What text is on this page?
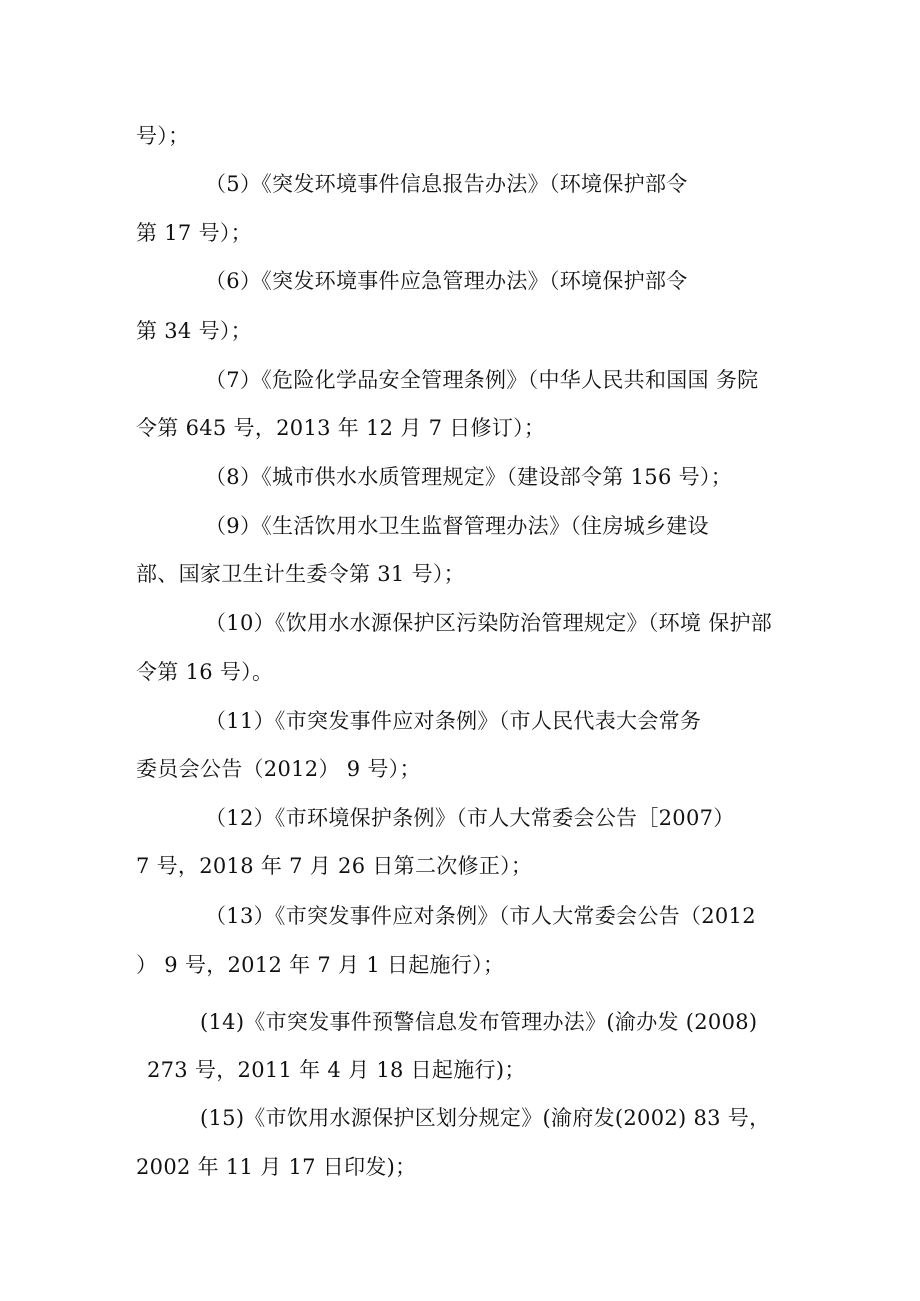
号）；
（5）《突发环境事件信息报告办法》（环境保护部令
第 17 号）；
（6）《突发环境事件应急管理办法》（环境保护部令
第 34 号）；
（7）《危险化学品安全管理条例》（中华人民共和国国 务院
令第 645 号，2013 年 12 月 7 日修订）；
（8）《城市供水水质管理规定》（建设部令第 156 号）；
（9）《生活饮用水卫生监督管理办法》（住房城乡建设
部、国家卫生计生委令第 31 号）；
（10）《饮用水水源保护区污染防治管理规定》（环境 保护部
令第 16 号）。
（11）《市突发事件应对条例》（市人民代表大会常务
委员会公告（2012） 9 号）；
（12）《市环境保护条例》（市人大常委会公告［2007）
7 号，2018 年 7 月 26 日第二次修正）；
（13）《市突发事件应对条例》（市人大常委会公告（2012
） 9 号，2012 年 7 月 1 日起施行）；
(14)《市突发事件预警信息发布管理办法》(渝办发 (2008)
273 号，2011 年 4 月 18 日起施行)；
(15)《市饮用水源保护区划分规定》(渝府发(2002) 83 号，
2002 年 11 月 17 日印发)；
